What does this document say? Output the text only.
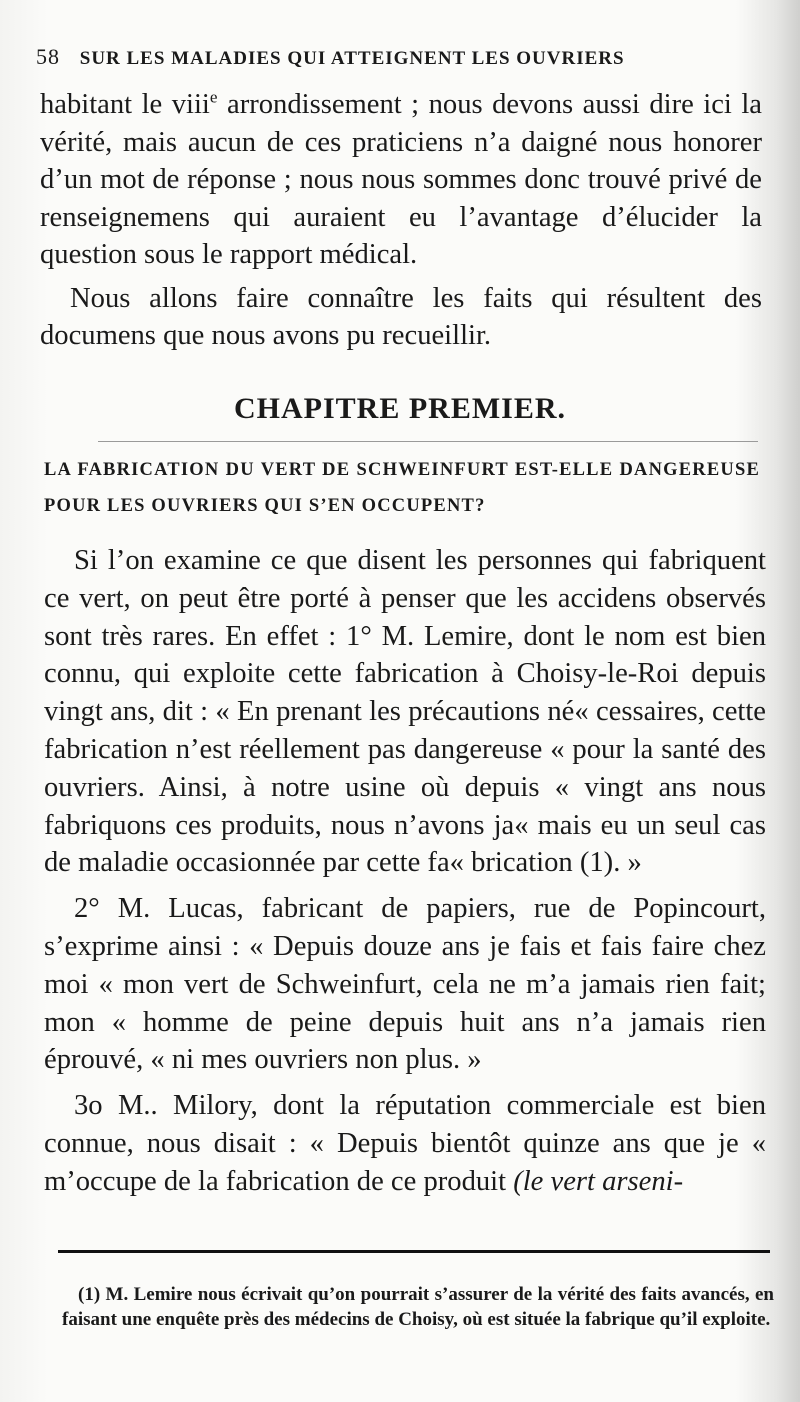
58 SUR LES MALADIES QUI ATTEIGNENT LES OUVRIERS

habitant le viii$^e$ arrondissement ; nous devons aussi dire ici la vérité, mais aucun de ces praticiens n’a daigné nous honorer d’un mot de réponse ; nous nous sommes donc trouvé privé de renseignemens qui auraient eu l’avantage d’élucider la question sous le rapport médical.

Nous allons faire connaître les faits qui résultent des documens que nous avons pu recueillir.

CHAPITRE PREMIER.

LA FABRICATION DU VERT DE SCHWEINFURT EST-ELLE DANGEREUSE POUR LES OUVRIERS QUI S’EN OCCUPENT?

Si l’on examine ce que disent les personnes qui fabriquent ce vert, on peut être porté à penser que les accidens observés sont très rares. En effet : 1° M. Lemire, dont le nom est bien connu, qui exploite cette fabrication à Choisy-le-Roi depuis vingt ans, dit : « En prenant les précautions né« cessaires, cette fabrication n’est réellement pas dangereuse « pour la santé des ouvriers. Ainsi, à notre usine où depuis « vingt ans nous fabriquons ces produits, nous n’avons ja« mais eu un seul cas de maladie occasionnée par cette fa« brication (1). »

2° M. Lucas, fabricant de papiers, rue de Popincourt, s’exprime ainsi : « Depuis douze ans je fais et fais faire chez moi « mon vert de Schweinfurt, cela ne m’a jamais rien fait; mon « homme de peine depuis huit ans n’a jamais rien éprouvé, « ni mes ouvriers non plus. »

3o M.. Milory, dont la réputation commerciale est bien connue, nous disait : « Depuis bientôt quinze ans que je « m’occupe de la fabrication de ce produit (le vert arseni-

(1) M. Lemire nous écrivait qu’on pourrait s’assurer de la vérité des faits avancés, en faisant une enquête près des médecins de Choisy, où est située la fabrique qu’il exploite.
